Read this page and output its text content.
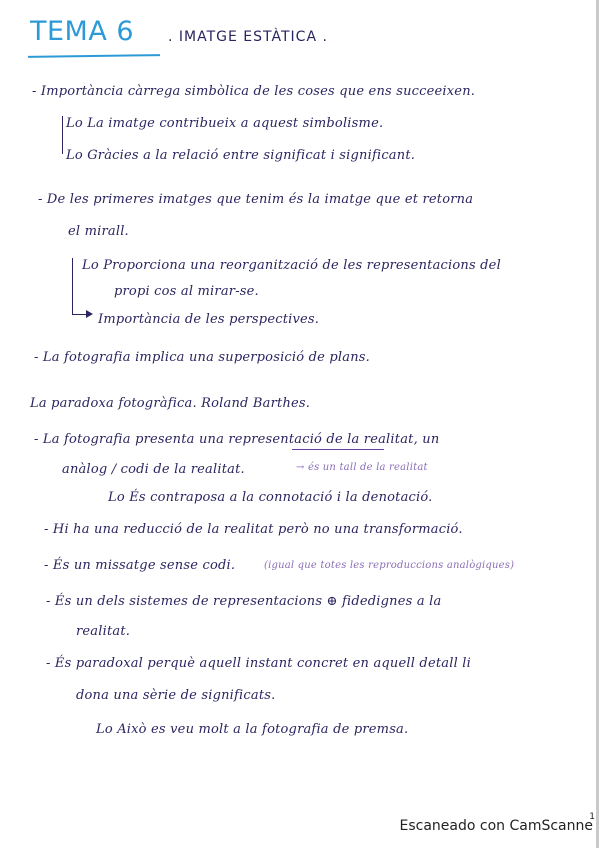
TEMA 6 . IMATGE ESTÀTICA .
- Importància càrrega simbòlica de les coses que ens succeeixen.
Lo La imatge contribueix a aquest simbolisme.
Lo Gràcies a la relació entre significat i significant.
- De les primeres imatges que tenim és la imatge que et retorna
el mirall.
Lo Proporciona una reorganització de les representacions del
propi cos al mirar-se.
Importància de les perspectives.
- La fotografia implica una superposició de plans.
La paradoxa fotogràfica. Roland Barthes.
- La fotografia presenta una representació de la realitat, un
anàlog / codi de la realitat.	→ és un tall de la realitat
Lo És contraposa a la connotació i la denotació.
- Hi ha una reducció de la realitat però no una transformació.
- És un missatge sense codi.	(igual que totes les reproduccions analògiques)
- És un dels sistemes de representacions ⊕ fidedignes a la
realitat.
- És paradoxal perquè aquell instant concret en aquell detall li
dona una sèrie de significats.
Lo Això es veu molt a la fotografia de premsa.
1
Escaneado con CamScanne
